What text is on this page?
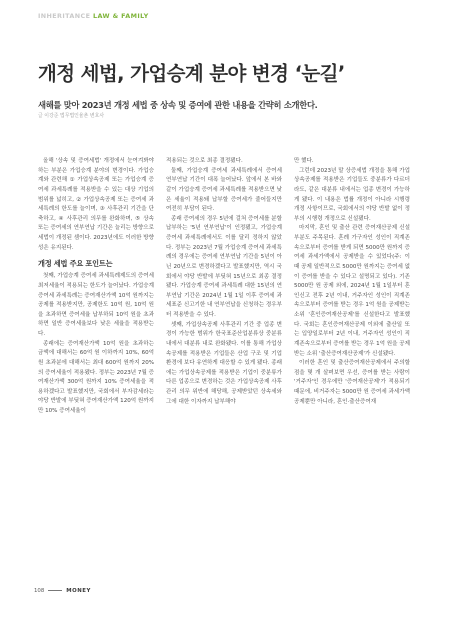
INHERITANCE LAW & FAMILY
개정 세법, 가업승계 분야 변경 ‘눈길’
새해를 맞아 2023년 개정 세법 중 상속 및 증여에 관한 내용을 간략히 소개한다.
글 이강준 법무법인율촌 변호사

올해 '상속 및 증여세법' 개정에서 눈여겨봐야 하는 부분은 가업승계 분야의 변경이다. 가업승계와 관련해 ① 가업상속공제 또는 가업승계 증여세 과세특례를 적용받을 수 있는 대상 기업의 범위를 넓히고, ② 가업상속공제 또는 증여세 과세특례의 한도를 늘이며, ③ 사후관리 기간을 단축하고, ④ 사후관리 의무를 완화하며, ⑤ 상속 또는 증여세의 연부연납 기간은 늘리는 방향으로 세법이 개정된 셈이다. 2023년에도 이러한 방향성은 유지된다.

개정 세법 주요 포인트는

첫째, 가업승계 증여세 과세특례제도의 증여세 최저세율이 적용되는 한도가 늘어났다. 가업승계 증여세 과세특례는 증여재산가액 10억 원까지는 공제를 적용받지만, 공제한도 10억 원, 10억 원을 초과하면 증여세율 납부하되 10억 원을 초과하면 일반 증여세율보다 낮은 세율을 적용받는다.

종래에는 증여재산가액 10억 원을 초과하는 금액에 대해서는 60억 원 이하까지 10%, 60억 원 초과분에 대해서는 최대 600억 원까지 20%의 증여세율이 적용됐다. 정부는 2023년 7월 증여재산가액 300억 원까지 10% 증여세율을 적용하겠다고 발표했지만, 국회에서 부자감세라는 야당 반발에 부딪혀 증여재산가액 120억 원까지만 10% 증여세율이

적용되는 것으로 최종 결정됐다.

둘째, 가업승계 증여세 과세특례에서 증여세 연부연납 기간이 대폭 늘어났다. 앞에서 본 바와 같이 가업승계 증여세 과세특례를 적용받으면 낮은 세율이 적용돼 납부할 증여세가 줄어들지만 여전히 부담이 된다.

종래 증여세의 경우 5년에 걸쳐 증여세를 분할 납부하는 '5년 연부연납'이 인정됐고, 가업승계 증여세 과세특례에서도 이를 달리 정하지 않았다. 정부는 2023년 7월 가업승계 증여세 과세특례의 경우에는 증여세 연부연납 기간을 5년이 아닌 20년으로 변경하겠다고 발표했지만, 역시 국회에서 야당 반발에 부딪혀 15년으로 최종 결정됐다. 가업승계 증여세 과세특례 대한 15년의 연부연납 기간은 2024년 1월 1일 이후 증여세 과세표준 신고기한 내 연부연납을 신청하는 경우부터 적용받을 수 있다.

셋째, 가업상속공제 사후관리 기간 중 업종 변경이 가능한 범위가 한국표준산업분류상 중분류 내에서 대분류 내로 완화됐다. 이를 통해 가업상속공제를 적용받은 기업들은 산업 구조 및 기업 환경에 보다 유연하게 대응할 수 있게 됐다. 종래에는 가업상속공제를 적용받은 기업이 중분류가 다른 업종으로 변경하는 것은 가업상속공제 사후관리 의무 위반에 해당해, 공제받았던 상속세와 그에 대한 이자까지 납부해야

만 했다.

그런데 2023년 말 상증세법 개정을 통해 가업상속공제를 적용받은 기업들도 중분류가 다르더라도, 같은 대분류 내에서는 업종 변경이 가능하게 됐다. 이 내용은 법률 개정이 아니라 시행령 개정 사항이므로, 국회에서의 야당 반발 없이 정부의 시행령 개정으로 신설됐다.

마지막, 혼인 및 출산 관련 증여재산공제 신설 부분도 주목된다. 혼례 가구자인 성인이 직계존속으로부터 증여를 받게 되면 5000만 원까지 증여세 과세가액에서 공제받을 수 있었다(주: 이 때 공제 일반적으로 5000만 원까지는 증여세 없이 증여를 받을 수 있다고 설명되고 있다). 기존 5000만 원 공제 외에, 2024년 1월 1일부터 혼인신고 전후 2년 이내, 거주자인 성인이 직계존속으로부터 증여를 받는 경우 1억 원을 공제받는 소위 '혼인증여재산공제'를 신설한다고 발표했다. 국회는 혼인증여재산공제 이외에 출산일 또는 입양일로부터 2년 이내, 거주자인 성인이 직계존속으로부터 증여를 받는 경우 1억 원을 공제받는 소위 '출산증여재산공제'가 신설됐다.

이러한 혼인 및 출산증여재산공제에서 주의할 점을 몇 개 살펴보면 우선, 증여를 받는 사람이 '거주자'인 경우에만 '증여재산공제'가 적용되기 때문에, 비거주자는 5000만 원 증여세 과세가액 공제뿐만 아니라, 혼인·출산증여재

108	MONEY
